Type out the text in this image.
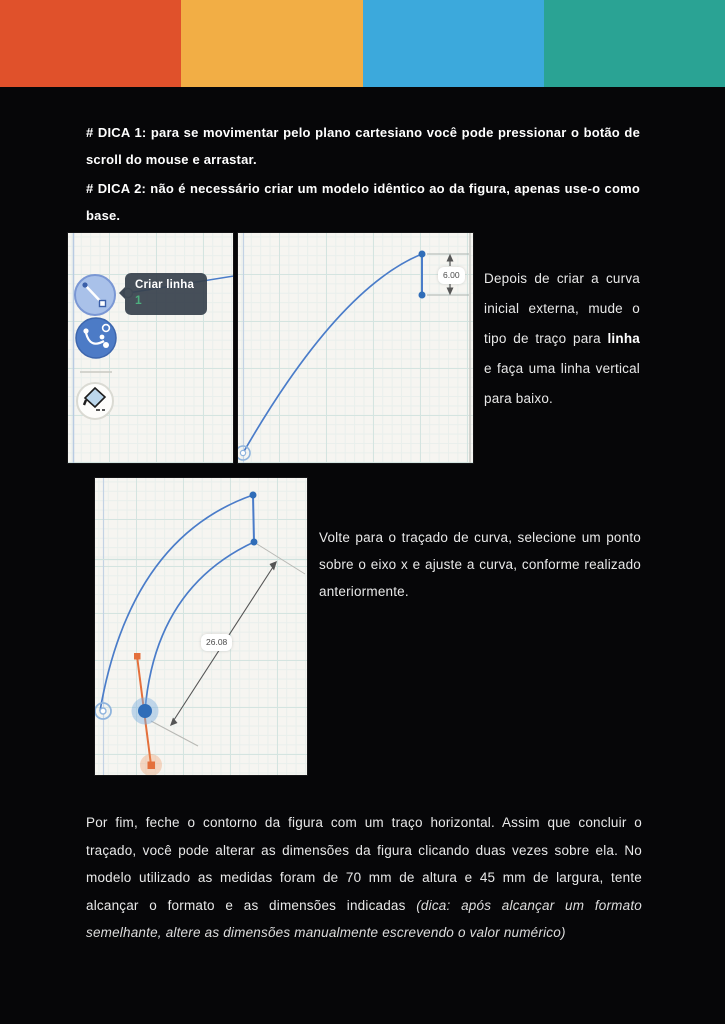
# DICA 1: para se movimentar pelo plano cartesiano você pode pressionar o botão de scroll do mouse e arrastar.

# DICA 2: não é necessário criar um modelo idêntico ao da figura, apenas use-o como base.

Criar linha
1
6.00	Depois de criar a curva inicial externa, mude o tipo de traço para linha e faça uma linha vertical para baixo.

26.08

Volte para o traçado de curva, selecione um ponto sobre o eixo x e ajuste a curva, conforme realizado anteriormente.

Por fim, feche o contorno da figura com um traço horizontal. Assim que concluir o traçado, você pode alterar as dimensões da figura clicando duas vezes sobre ela. No modelo utilizado as medidas foram de 70 mm de altura e 45 mm de largura, tente alcançar o formato e as dimensões indicadas (dica: após alcançar um formato semelhante, altere as dimensões manualmente escrevendo o valor numérico)
